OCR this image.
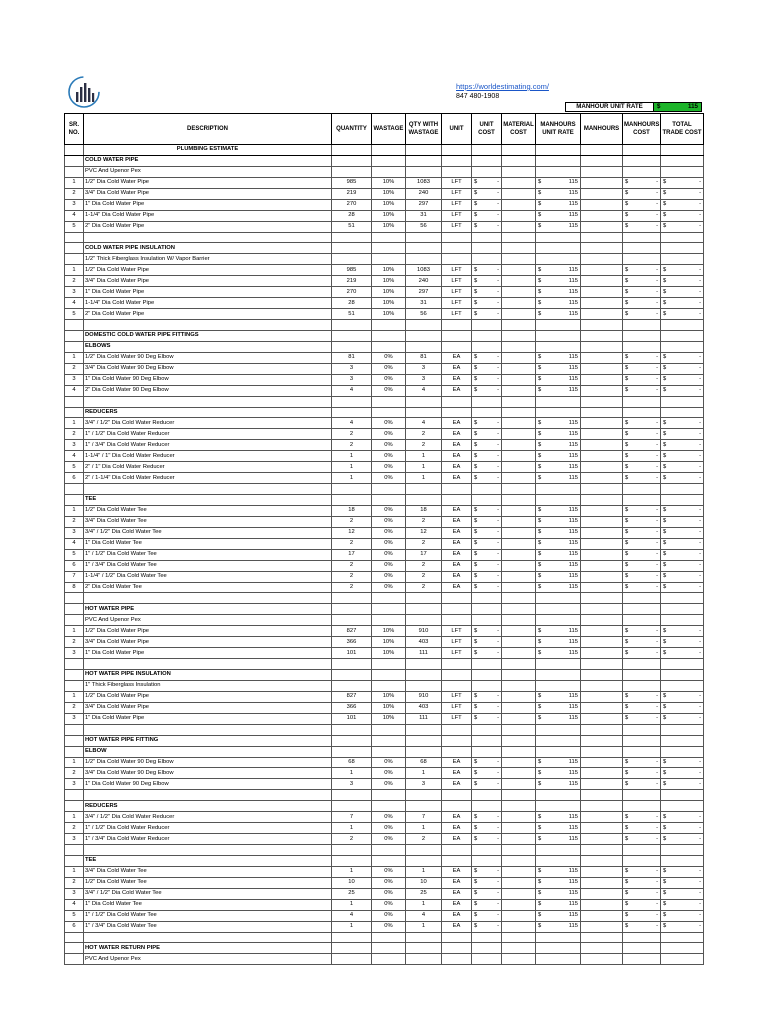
https://worldestimating.com/
847 480-1908
MANHOUR UNIT RATE	$	115
SR. NO.	DESCRIPTION	QUANTITY	WASTAGE	QTY WITH WASTAGE	UNIT	UNIT COST	MATERIAL COST	MANHOURS UNIT RATE	MANHOURS	MANHOURS COST	TOTAL TRADE COST
	PLUMBING ESTIMATE										
	COLD WATER PIPE										
	PVC And Upenor Pex										
1	1/2" Dia Cold Water Pipe	985	10%	1083	LFT	$ -		$ 115		$ -	$ -

2	3/4" Dia Cold Water Pipe	219	10%	240	LFT	$ -		$ 115		$ -	$ -

3	1" Dia Cold Water Pipe	270	10%	297	LFT	$ -		$ 115		$ -	$ -

4	1-1/4" Dia Cold Water Pipe	28	10%	31	LFT	$ -		$ 115		$ -	$ -

5	2" Dia Cold Water Pipe	51	10%	56	LFT	$ -		$ 115		$ -	$ -

	COLD WATER PIPE INSULATION										
	1/2" Thick Fiberglass Insulation W/ Vapor Barrier										
1	1/2" Dia Cold Water Pipe	985	10%	1083	LFT	$ -		$ 115		$ -	$ -

2	3/4" Dia Cold Water Pipe	219	10%	240	LFT	$ -		$ 115		$ -	$ -

3	1" Dia Cold Water Pipe	270	10%	297	LFT	$ -		$ 115		$ -	$ -

4	1-1/4" Dia Cold Water Pipe	28	10%	31	LFT	$ -		$ 115		$ -	$ -

5	2" Dia Cold Water Pipe	51	10%	56	LFT	$ -		$ 115		$ -	$ -

	DOMESTIC COLD WATER PIPE FITTINGS										
	ELBOWS										
1	1/2" Dia Cold Water 90 Deg Elbow	81	0%	81	EA	$ -		$ 115		$ -	$ -

2	3/4" Dia Cold Water 90 Deg Elbow	3	0%	3	EA	$ -		$ 115		$ -	$ -

3	1" Dia Cold Water 90 Deg Elbow	3	0%	3	EA	$ -		$ 115		$ -	$ -

4	2" Dia Cold Water 90 Deg Elbow	4	0%	4	EA	$ -		$ 115		$ -	$ -

	REDUCERS										
1	3/4" / 1/2" Dia Cold Water Reducer	4	0%	4	EA	$ -		$ 115		$ -	$ -

2	1" / 1/2" Dia Cold Water Reducer	2	0%	2	EA	$ -		$ 115		$ -	$ -

3	1" / 3/4" Dia Cold Water Reducer	2	0%	2	EA	$ -		$ 115		$ -	$ -

4	1-1/4" / 1" Dia Cold Water Reducer	1	0%	1	EA	$ -		$ 115		$ -	$ -

5	2" / 1" Dia Cold Water Reducer	1	0%	1	EA	$ -		$ 115		$ -	$ -

6	2" / 1-1/4" Dia Cold Water Reducer	1	0%	1	EA	$ -		$ 115		$ -	$ -

	TEE										
1	1/2" Dia Cold Water Tee	18	0%	18	EA	$ -		$ 115		$ -	$ -

2	3/4" Dia Cold Water Tee	2	0%	2	EA	$ -		$ 115		$ -	$ -

3	3/4" / 1/2" Dia Cold Water Tee	12	0%	12	EA	$ -		$ 115		$ -	$ -

4	1" Dia Cold Water Tee	2	0%	2	EA	$ -		$ 115		$ -	$ -

5	1" / 1/2" Dia Cold Water Tee	17	0%	17	EA	$ -		$ 115		$ -	$ -

6	1" / 3/4" Dia Cold Water Tee	2	0%	2	EA	$ -		$ 115		$ -	$ -

7	1-1/4" / 1/2" Dia Cold Water Tee	2	0%	2	EA	$ -		$ 115		$ -	$ -

8	2" Dia Cold Water Tee	2	0%	2	EA	$ -		$ 115		$ -	$ -

	HOT WATER PIPE										
	PVC And Upenor Pex										
1	1/2" Dia Cold Water Pipe	827	10%	910	LFT	$ -		$ 115		$ -	$ -

2	3/4" Dia Cold Water Pipe	366	10%	403	LFT	$ -		$ 115		$ -	$ -

3	1" Dia Cold Water Pipe	101	10%	111	LFT	$ -		$ 115		$ -	$ -

	HOT WATER PIPE INSULATION										
	1" Thick Fiberglass Insulation										
1	1/2" Dia Cold Water Pipe	827	10%	910	LFT	$ -		$ 115		$ -	$ -

2	3/4" Dia Cold Water Pipe	366	10%	403	LFT	$ -		$ 115		$ -	$ -

3	1" Dia Cold Water Pipe	101	10%	111	LFT	$ -		$ 115		$ -	$ -

	HOT WATER PIPE FITTING										
	ELBOW										
1	1/2" Dia Cold Water 90 Deg Elbow	68	0%	68	EA	$ -		$ 115		$ -	$ -

2	3/4" Dia Cold Water 90 Deg Elbow	1	0%	1	EA	$ -		$ 115		$ -	$ -

3	1" Dia Cold Water 90 Deg Elbow	3	0%	3	EA	$ -		$ 115		$ -	$ -

	REDUCERS										
1	3/4" / 1/2" Dia Cold Water Reducer	7	0%	7	EA	$ -		$ 115		$ -	$ -

2	1" / 1/2" Dia Cold Water Reducer	1	0%	1	EA	$ -		$ 115		$ -	$ -

3	1" / 3/4" Dia Cold Water Reducer	2	0%	2	EA	$ -		$ 115		$ -	$ -

	TEE										
1	3/4" Dia Cold Water Tee	1	0%	1	EA	$ -		$ 115		$ -	$ -

2	1/2" Dia Cold Water Tee	10	0%	10	EA	$ -		$ 115		$ -	$ -

3	3/4" / 1/2" Dia Cold Water Tee	25	0%	25	EA	$ -		$ 115		$ -	$ -

4	1" Dia Cold Water Tee	1	0%	1	EA	$ -		$ 115		$ -	$ -

5	1" / 1/2" Dia Cold Water Tee	4	0%	4	EA	$ -		$ 115		$ -	$ -

6	1" / 3/4" Dia Cold Water Tee	1	0%	1	EA	$ -		$ 115		$ -	$ -

	HOT WATER RETURN PIPE										
	PVC And Upenor Pex										
